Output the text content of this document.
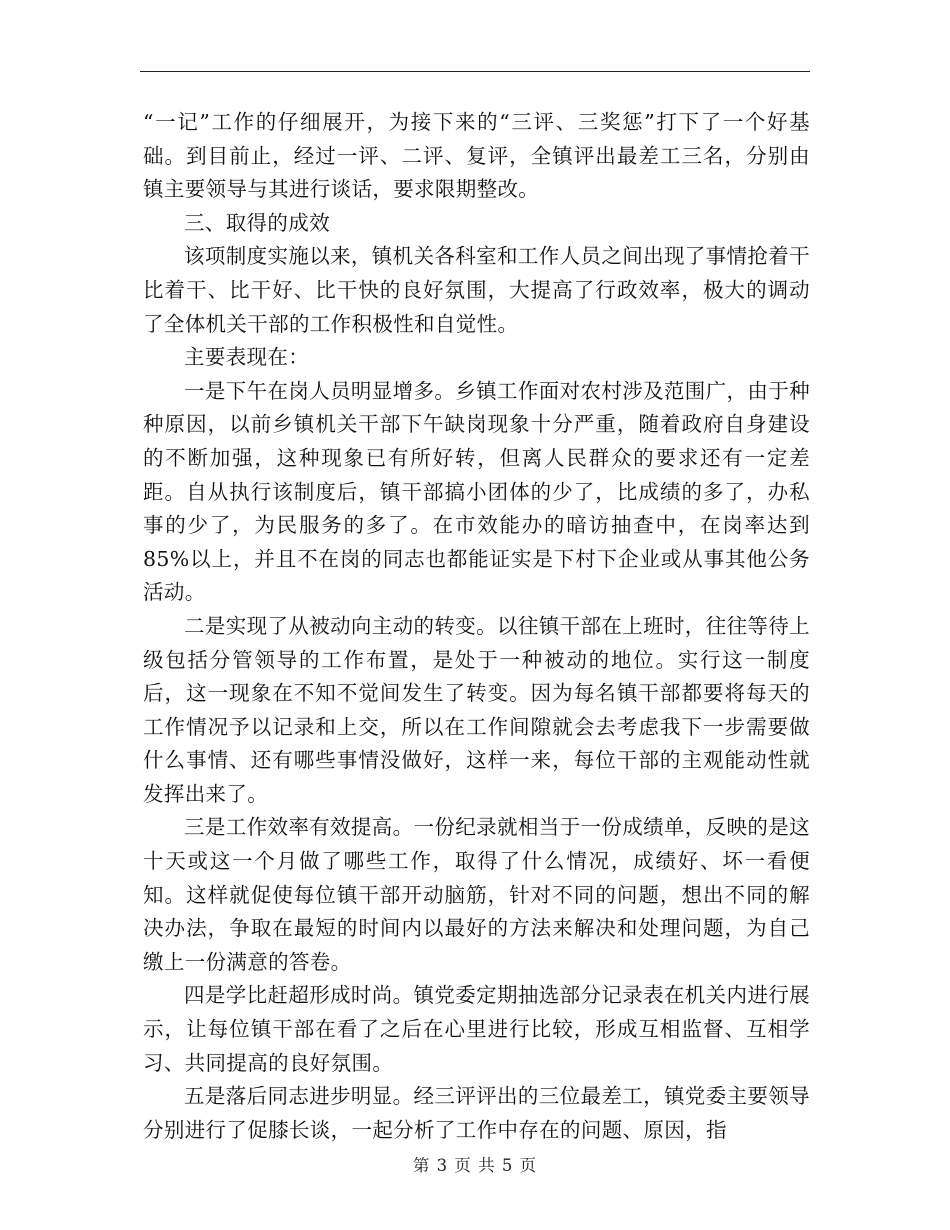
“一记”工作的仔细展开，为接下来的“三评、三奖惩”打下了一个好基础。到目前止，经过一评、二评、复评，全镇评出最差工三名，分别由镇主要领导与其进行谈话，要求限期整改。

三、取得的成效

该项制度实施以来，镇机关各科室和工作人员之间出现了事情抢着干比着干、比干好、比干快的良好氛围，大提高了行政效率，极大的调动了全体机关干部的工作积极性和自觉性。

主要表现在：

一是下午在岗人员明显增多。乡镇工作面对农村涉及范围广，由于种种原因，以前乡镇机关干部下午缺岗现象十分严重，随着政府自身建设的不断加强，这种现象已有所好转，但离人民群众的要求还有一定差距。自从执行该制度后，镇干部搞小团体的少了，比成绩的多了，办私事的少了，为民服务的多了。在市效能办的暗访抽查中，在岗率达到85%以上，并且不在岗的同志也都能证实是下村下企业或从事其他公务活动。

二是实现了从被动向主动的转变。以往镇干部在上班时，往往等待上级包括分管领导的工作布置，是处于一种被动的地位。实行这一制度后，这一现象在不知不觉间发生了转变。因为每名镇干部都要将每天的工作情况予以记录和上交，所以在工作间隙就会去考虑我下一步需要做什么事情、还有哪些事情没做好，这样一来，每位干部的主观能动性就发挥出来了。

三是工作效率有效提高。一份纪录就相当于一份成绩单，反映的是这十天或这一个月做了哪些工作，取得了什么情况，成绩好、坏一看便知。这样就促使每位镇干部开动脑筋，针对不同的问题，想出不同的解决办法，争取在最短的时间内以最好的方法来解决和处理问题，为自己缴上一份满意的答卷。

四是学比赶超形成时尚。镇党委定期抽选部分记录表在机关内进行展示，让每位镇干部在看了之后在心里进行比较，形成互相监督、互相学习、共同提高的良好氛围。

五是落后同志进步明显。经三评评出的三位最差工，镇党委主要领导分别进行了促膝长谈，一起分析了工作中存在的问题、原因，指

第 3 页 共 5 页
